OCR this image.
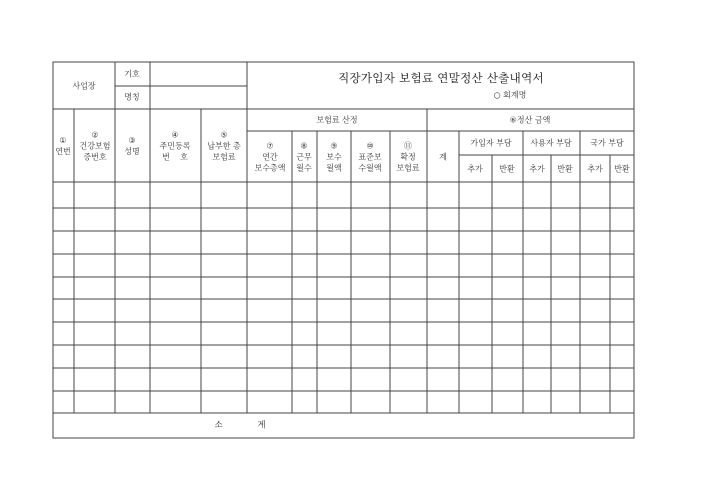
사업장
기호
명칭
직장가입자 보험료 연말정산 산출내역서
○ 회계명
①
연번
②
건강보험
증번호
③
성명
④
주민등록
번    호
⑤
납부한 총
보험료
보험료 산정
⑦
연간
보수총액
⑧
근무
월수
⑨
보수
월액
⑩
표준보
수월액
⑪
확정
보험료
⑥정산 금액
계
가입자 부담 사용자 부담 국가 부담
추가 반환 추가 반환 추가 반환
소 계
